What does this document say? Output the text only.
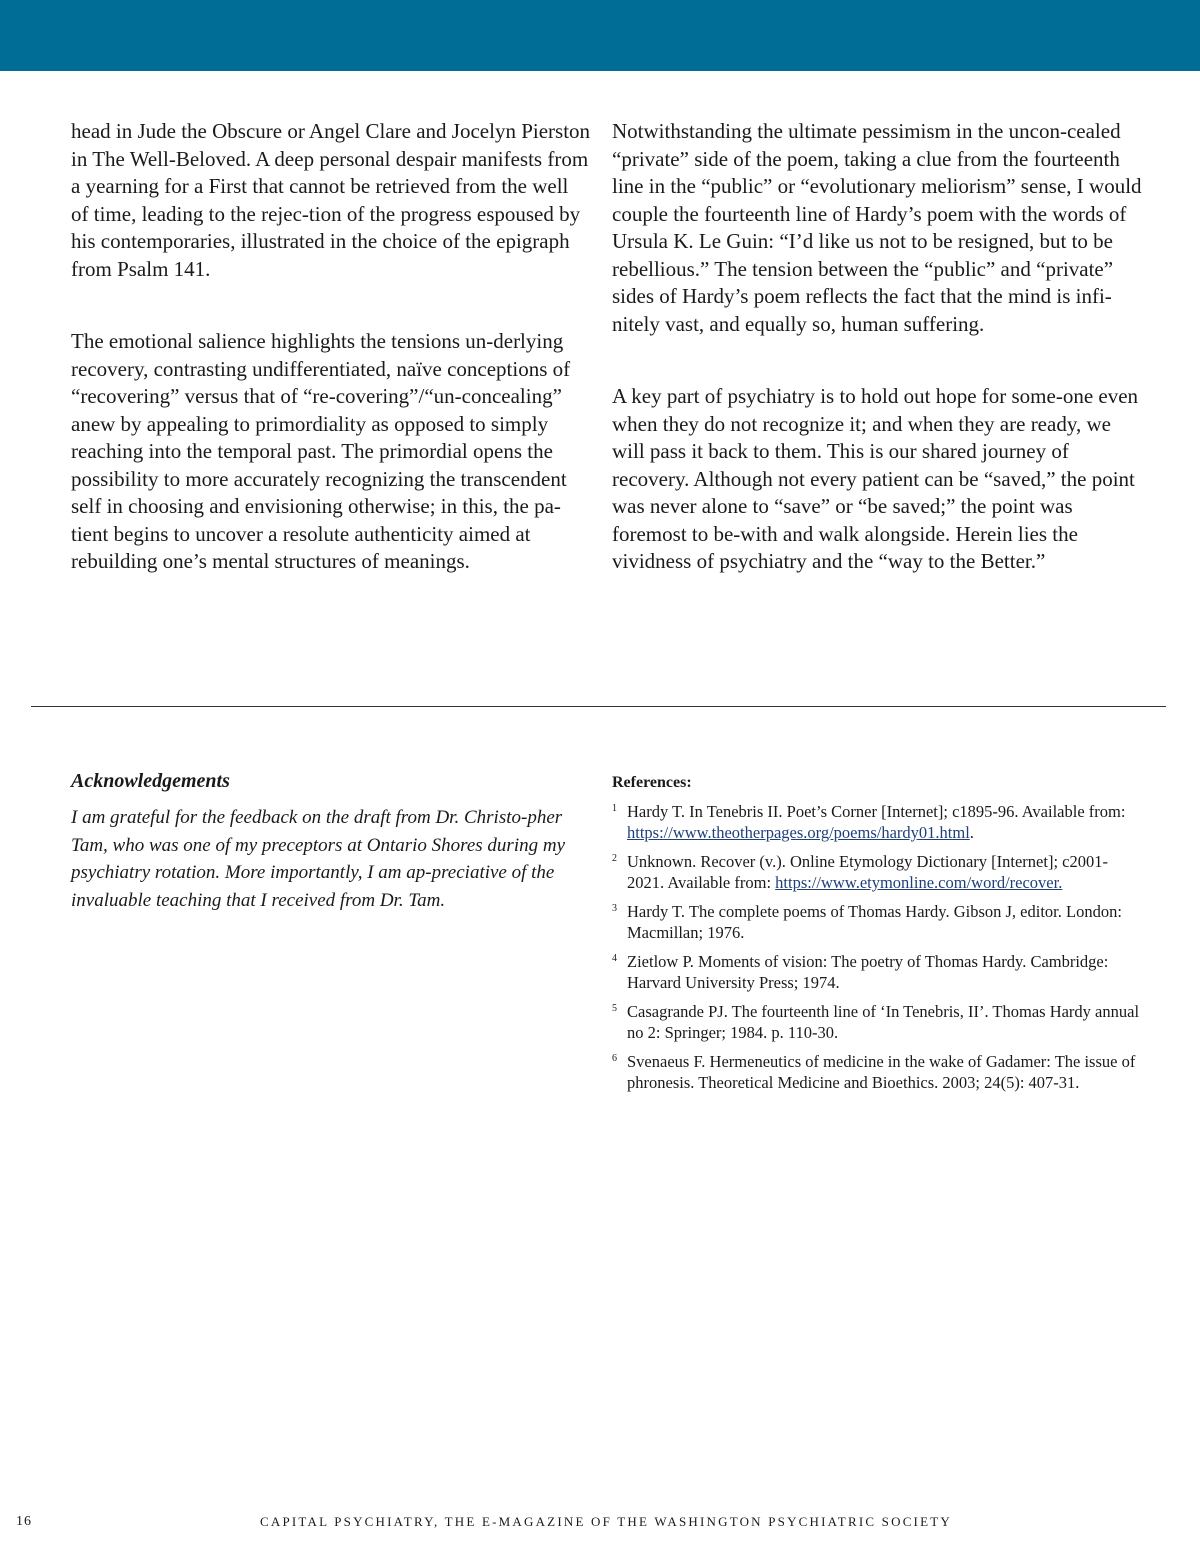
head in Jude the Obscure or Angel Clare and Jocelyn Pierston in The Well-Beloved. A deep personal despair manifests from a yearning for a First that cannot be retrieved from the well of time, leading to the rejec-tion of the progress espoused by his contemporaries, illustrated in the choice of the epigraph from Psalm 141.

The emotional salience highlights the tensions un-derlying recovery, contrasting undifferentiated, naïve conceptions of “recovering” versus that of “re-covering”/“un-concealing” anew by appealing to primordiality as opposed to simply reaching into the temporal past. The primordial opens the possibility to more accurately recognizing the transcendent self in choosing and envisioning otherwise; in this, the pa-tient begins to uncover a resolute authenticity aimed at rebuilding one’s mental structures of meanings.

Notwithstanding the ultimate pessimism in the uncon-cealed “private” side of the poem, taking a clue from the fourteenth line in the “public” or “evolutionary meliorism” sense, I would couple the fourteenth line of Hardy’s poem with the words of Ursula K. Le Guin: “I’d like us not to be resigned, but to be rebellious.” The tension between the “public” and “private” sides of Hardy’s poem reflects the fact that the mind is infi-nitely vast, and equally so, human suffering.

A key part of psychiatry is to hold out hope for some-one even when they do not recognize it; and when they are ready, we will pass it back to them. This is our shared journey of recovery. Although not every patient can be “saved,” the point was never alone to “save” or “be saved;” the point was foremost to be-with and walk alongside. Herein lies the vividness of psychiatry and the “way to the Better.”

Acknowledgements

I am grateful for the feedback on the draft from Dr. Christo-pher Tam, who was one of my preceptors at Ontario Shores during my psychiatry rotation. More importantly, I am ap-preciative of the invaluable teaching that I received from Dr. Tam.

References:

1 Hardy T. In Tenebris II. Poet’s Corner [Internet]; c1895-96. Available from: https://www.theotherpages.org/poems/hardy01.html.
2 Unknown. Recover (v.). Online Etymology Dictionary [Internet]; c2001-2021. Available from: https://www.etymonline.com/word/recover.
3 Hardy T. The complete poems of Thomas Hardy. Gibson J, editor. London: Macmillan; 1976.
4 Zietlow P. Moments of vision: The poetry of Thomas Hardy. Cambridge: Harvard University Press; 1974.
5 Casagrande PJ. The fourteenth line of ‘In Tenebris, II’. Thomas Hardy annual no 2: Springer; 1984. p. 110-30.
6 Svenaeus F. Hermeneutics of medicine in the wake of Gadamer: The issue of phronesis. Theoretical Medicine and Bioethics. 2003; 24(5): 407-31.
16	CAPITAL PSYCHIATRY, THE E-MAGAZINE OF THE WASHINGTON PSYCHIATRIC SOCIETY
